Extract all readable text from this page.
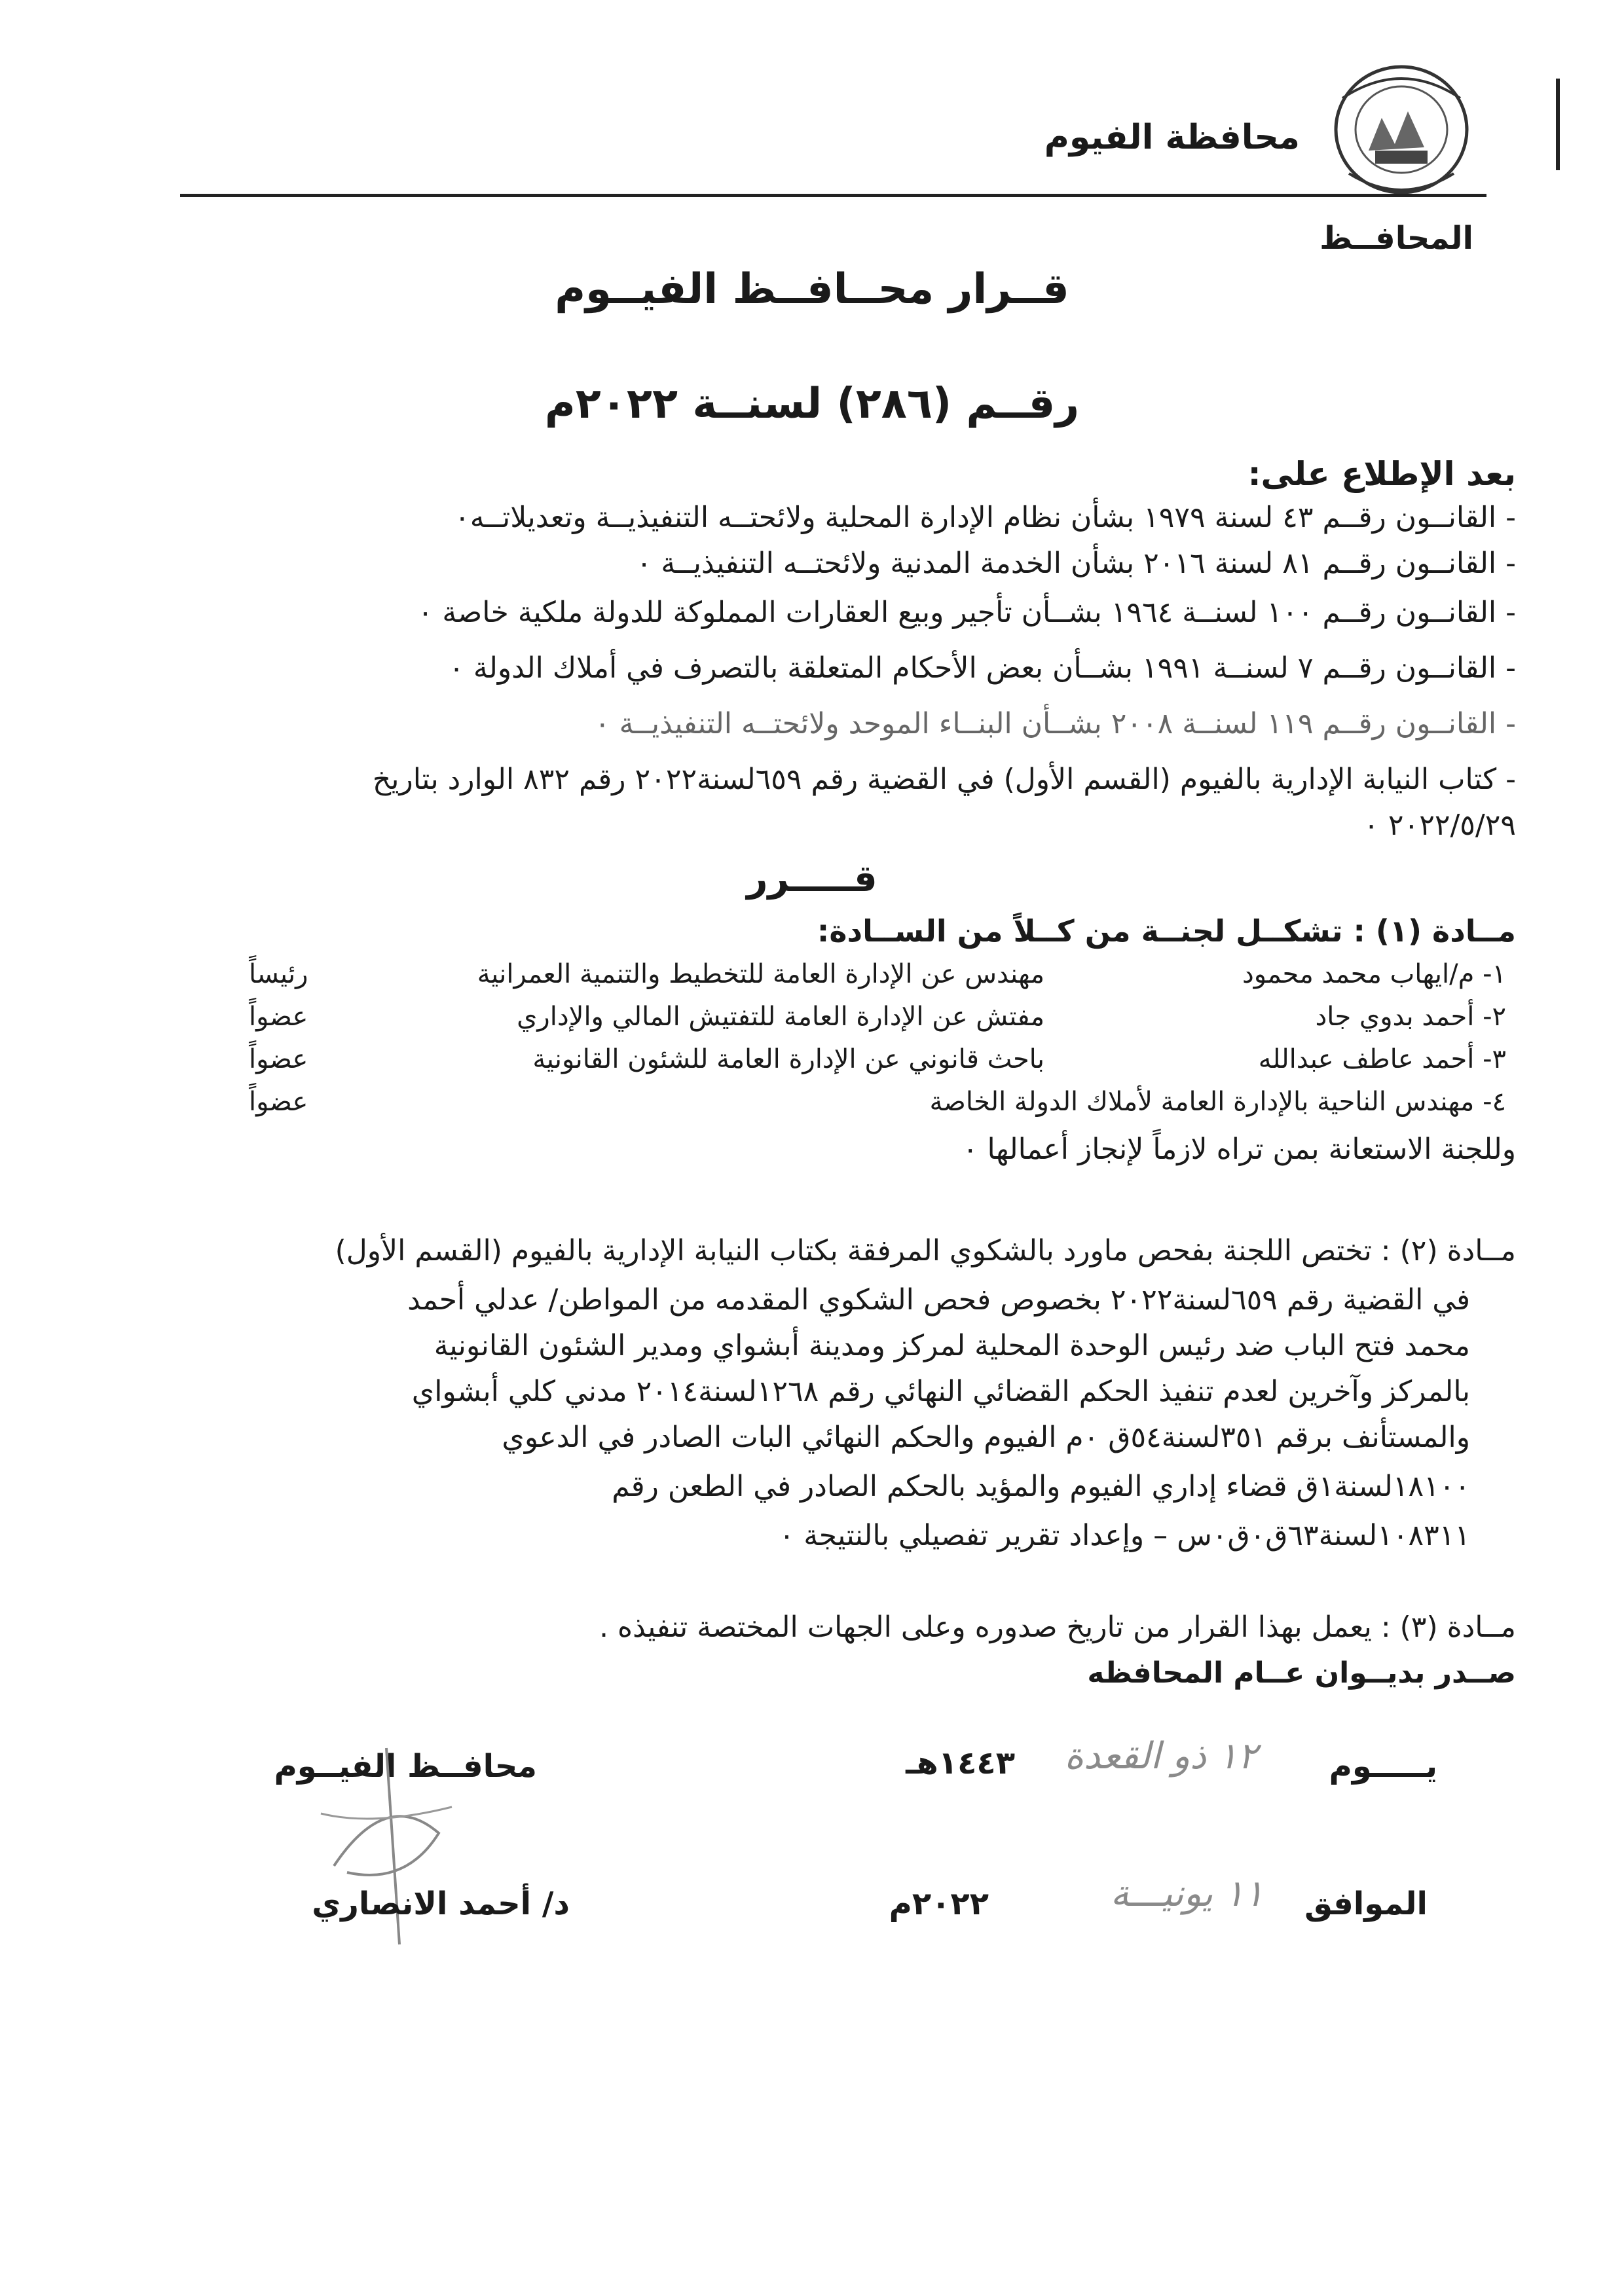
محافظة الفيوم
المحافــظ
قــرار محــافــظ الفيــوم
رقــم (٢٨٦) لسنــة ٢٠٢٢م
بعد الإطلاع على:
- القانــون رقــم ٤٣ لسنة ١٩٧٩ بشأن نظام الإدارة المحلية ولائحتــه التنفيذيــة وتعديلاتــه٠
- القانــون رقــم ٨١ لسنة ٢٠١٦ بشأن الخدمة المدنية ولائحتــه التنفيذيــة ٠
- القانــون رقــم ١٠٠ لسنــة ١٩٦٤ بشــأن تأجير وبيع العقارات المملوكة للدولة ملكية خاصة ٠
- القانــون رقــم ٧ لسنــة ١٩٩١ بشــأن بعض الأحكام المتعلقة بالتصرف في أملاك الدولة ٠
- القانــون رقــم ١١٩ لسنــة ٢٠٠٨ بشــأن البنــاء الموحد ولائحتــه التنفيذيــة ٠
- كتاب النيابة الإدارية بالفيوم (القسم الأول) في القضية رقم ٦٥٩لسنة٢٠٢٢ رقم ٨٣٢ الوارد بتاريخ
٢٠٢٢/٥/٢٩ ٠
قـــــرر
مــادة (١) : تشكــل لجنــة من كــلاً من الســادة:
١- م/ايهاب محمد محمود
مهندس عن الإدارة العامة للتخطيط والتنمية العمرانية
رئيساً
٢- أحمد بدوي جاد
مفتش عن الإدارة العامة للتفتيش المالي والإداري
عضواً
٣- أحمد عاطف عبدالله
باحث قانوني عن الإدارة العامة للشئون القانونية
عضواً
٤- مهندس الناحية بالإدارة العامة لأملاك الدولة الخاصة
عضواً
وللجنة الاستعانة بمن تراه لازماً لإنجاز أعمالها ٠
مــادة (٢) : تختص اللجنة بفحص ماورد بالشكوي المرفقة بكتاب النيابة الإدارية بالفيوم (القسم الأول)
في القضية رقم ٦٥٩لسنة٢٠٢٢ بخصوص فحص الشكوي المقدمه من المواطن/ عدلي أحمد
محمد فتح الباب ضد رئيس الوحدة المحلية لمركز ومدينة أبشواي ومدير الشئون القانونية
بالمركز وآخرين لعدم تنفيذ الحكم القضائي النهائي رقم ١٢٦٨لسنة٢٠١٤ مدني كلي أبشواي
والمستأنف برقم ٣٥١لسنة٥٤ق ٠م الفيوم والحكم النهائي البات الصادر في الدعوي
١٨١٠٠لسنة١ق قضاء إداري الفيوم والمؤيد بالحكم الصادر في الطعن رقم
١٠٨٣١١لسنة٦٣ق٠ق٠س – وإعداد تقرير تفصيلي بالنتيجة ٠
مــادة (٣) : يعمل بهذا القرار من تاريخ صدوره وعلى الجهات المختصة تنفيذه .
صــدر بديــوان عــام المحافظه
يـــــوم
١٢ ذو القعدة
١٤٤٣هـ
محافــظ الفيــوم
الموافق
١١ يونيـــة
٢٠٢٢م
د/ أحمد الانصاري
